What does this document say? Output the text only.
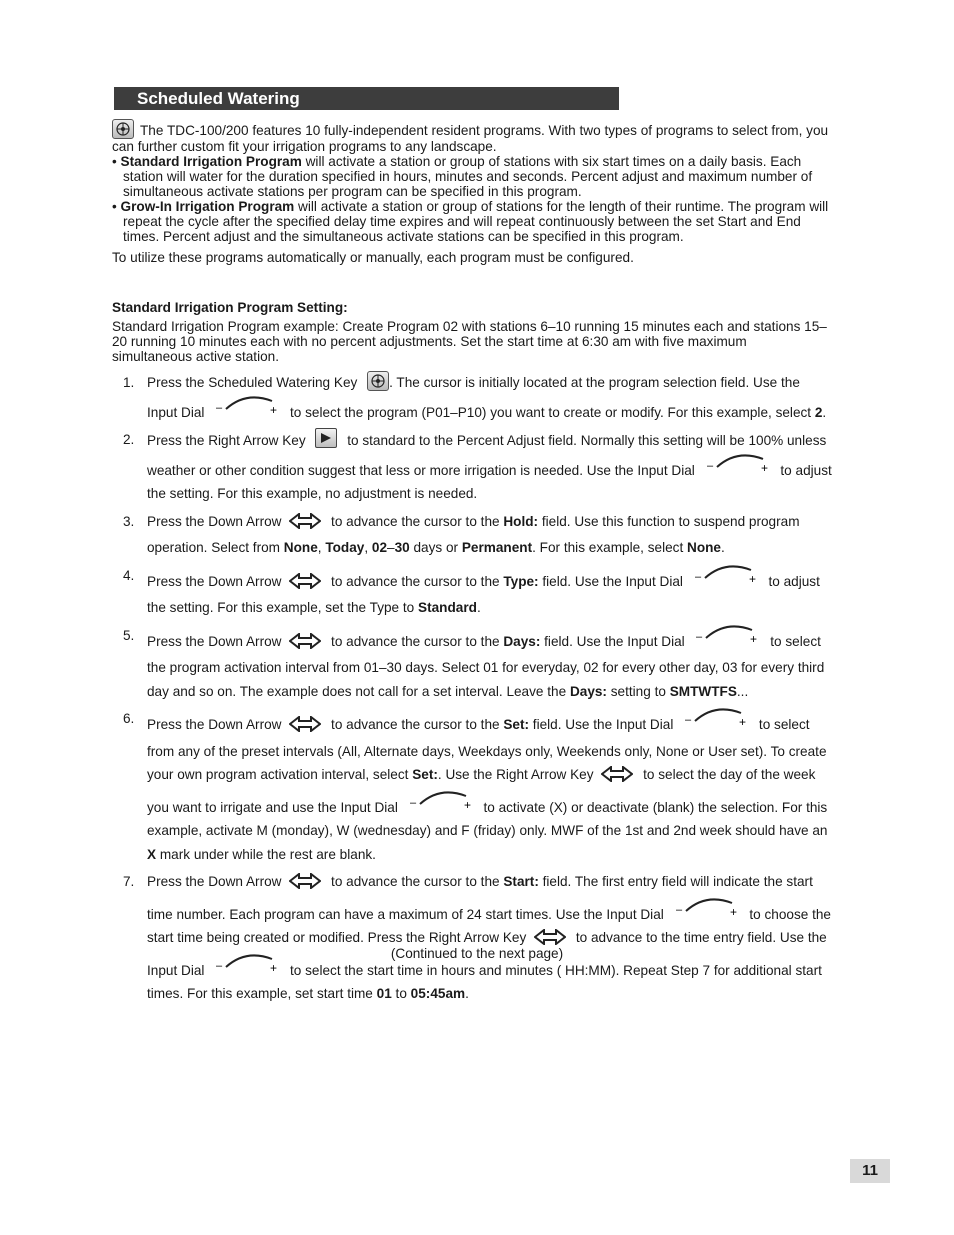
Scheduled Watering

The TDC-100/200 features 10 fully-independent resident programs. With two types of programs to select from, you can further custom fit your irrigation programs to any landscape.

• Standard Irrigation Program will activate a station or group of stations with six start times on a daily basis. Each station will water for the duration specified in hours, minutes and seconds. Percent adjust and maximum number of simultaneous activate stations per program can be specified in this program.

• Grow-In Irrigation Program will activate a station or group of stations for the length of their runtime. The program will repeat the cycle after the specified delay time expires and will repeat continuously between the set Start and End times. Percent adjust and the simultaneous activate stations can be specified in this program.

To utilize these programs automatically or manually, each program must be configured.

Standard Irrigation Program Setting:
Standard Irrigation Program example: Create Program 02 with stations 6–10 running 15 minutes each and stations 15–20 running 10 minutes each with no percent adjustments. Set the start time at 6:30 am with five maximum simultaneous active station.
1. Press the Scheduled Watering Key . The cursor is initially located at the program selection field. Use the Input Dial –	+ to select the program (P01–P10) you want to create or modify. For this example, select 2.
2. Press the Right Arrow Key	to standard to the Percent Adjust field. Normally this setting will be 100% unless weather or other condition suggest that less or more irrigation is needed. Use the Input Dial –	+ to adjust the setting. For this example, no adjustment is needed.
3. Press the Down Arrow	to advance the cursor to the Hold: field. Use this function to suspend program operation. Select from None, Today, 02–30 days or Permanent. For this example, select None.
4. Press the Down Arrow	to advance the cursor to the Type: field. Use the Input Dial –	+ to adjust the setting. For this example, set the Type to Standard.
5. Press the Down Arrow	to advance the cursor to the Days: field. Use the Input Dial –	+ to select the program activation interval from 01–30 days. Select 01 for everyday, 02 for every other day, 03 for every third day and so on. The example does not call for a set interval. Leave the Days: setting to SMTWTFS...
6. Press the Down Arrow	to advance the cursor to the Set: field. Use the Input Dial –	+ to select from any of the preset intervals (All, Alternate days, Weekdays only, Weekends only, None or User set). To create your own program activation interval, select Set:. Use the Right Arrow Key	to select the day of the week you want to irrigate and use the Input Dial –	+ to activate (X) or deactivate (blank) the selection. For this example, activate M (monday), W (wednesday) and F (friday) only. MWF of the 1st and 2nd week should have an X mark under while the rest are blank.
7. Press the Down Arrow	to advance the cursor to the Start: field. The first entry field will indicate the start time number. Each program can have a maximum of 24 start times. Use the Input Dial –	+ to choose the start time being created or modified. Press the Right Arrow Key	to advance to the time entry field. Use the Input Dial –	+ to select the start time in hours and minutes ( HH:MM). Repeat Step 7 for additional start times. For this example, set start time 01 to 05:45am.
(Continued to the next page)
11
